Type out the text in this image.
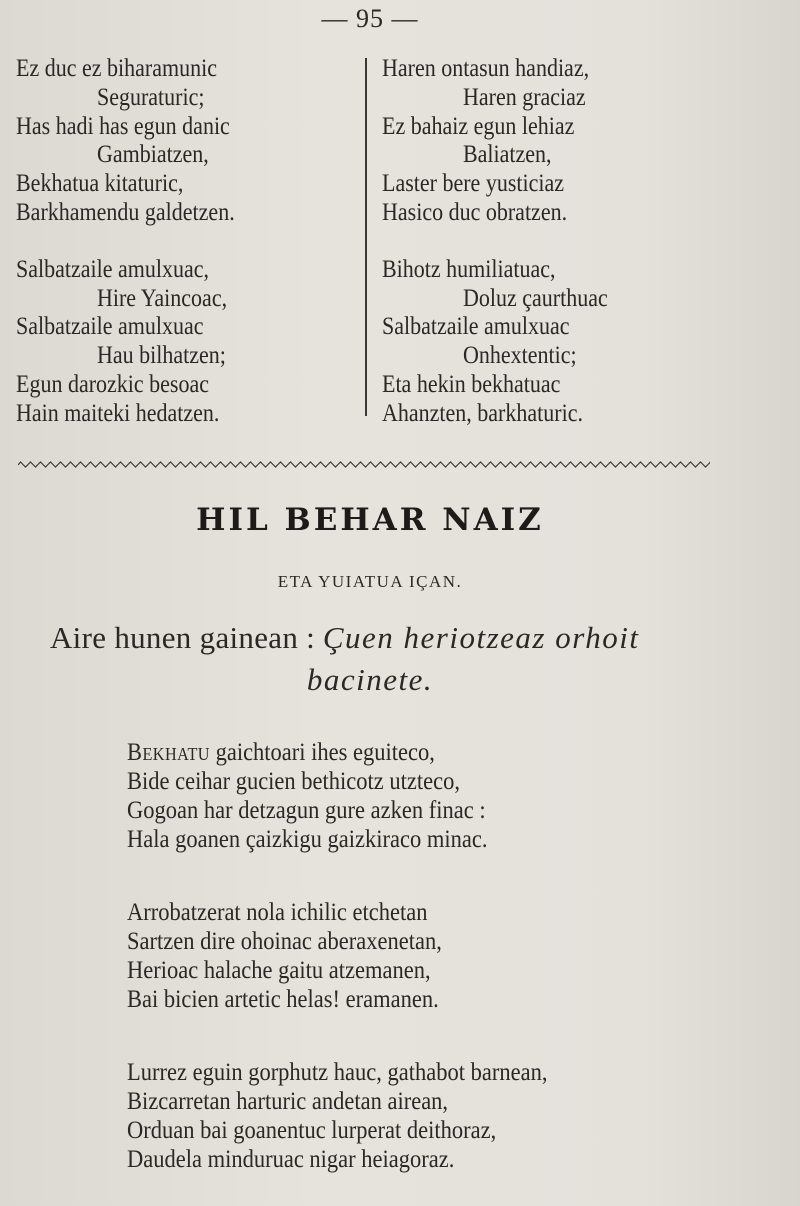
— 95 —
Ez duc ez biharamunic
Seguraturic;
Has hadi has egun danic
Gambiatzen,
Bekhatua kitaturic,
Barkhamendu galdetzen.
Salbatzaile amulxuac,
Hire Yaincoac,
Salbatzaile amulxuac
Hau bilhatzen;
Egun darozkic besoac
Hain maiteki hedatzen.
Haren ontasun handiaz,
Haren graciaz
Ez bahaiz egun lehiaz
Baliatzen,
Laster bere yusticiaz
Hasico duc obratzen.
Bihotz humiliatuac,
Doluz çaurthuac
Salbatzaile amulxuac
Onhextentic;
Eta hekin bekhatuac
Ahanzten, barkhaturic.
HIL BEHAR NAIZ
ETA YUIATUA IÇAN.
Aire hunen gainean : Çuen heriotzeaz orhoit
bacinete.
Bekhatu gaichtoari ihes eguiteco,
Bide ceihar gucien bethicotz utzteco,
Gogoan har detzagun gure azken finac :
Hala goanen çaizkigu gaizkiraco minac.
Arrobatzerat nola ichilic etchetan
Sartzen dire ohoinac aberaxenetan,
Herioac halache gaitu atzemanen,
Bai bicien artetic helas! eramanen.
Lurrez eguin gorphutz hauc, gathabot barnean,
Bizcarretan harturic andetan airean,
Orduan bai goanentuc lurperat deithoraz,
Daudela minduruac nigar heiagoraz.
